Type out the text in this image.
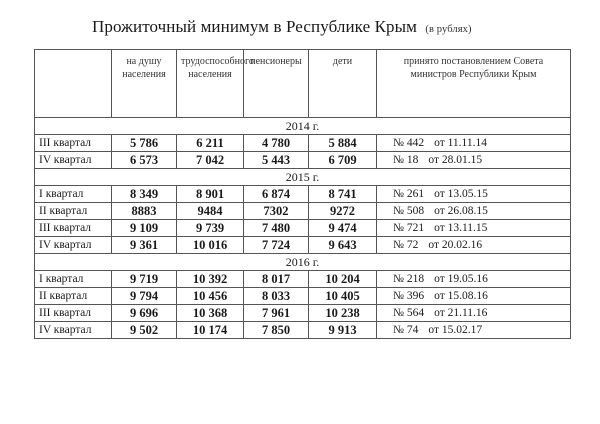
Прожиточный минимум в Республике Крым (в рублях)
	на душу населения	трудоспособного населения	пенсионеры	дети	принято постановлением Совета министров Республики Крым
2014 г.					
III квартал	5 786	6 211	4 780	5 884	№ 442 от 11.11.14
IV квартал	6 573	7 042	5 443	6 709	№ 18 от 28.01.15
2015 г.					
I квартал	8 349	8 901	6 874	8 741	№ 261 от 13.05.15
II квартал	8883	9484	7302	9272	№ 508 от 26.08.15
III квартал	9 109	9 739	7 480	9 474	№ 721 от 13.11.15
IV квартал	9 361	10 016	7 724	9 643	№ 72 от 20.02.16
2016 г.					
I квартал	9 719	10 392	8 017	10 204	№ 218 от 19.05.16
II квартал	9 794	10 456	8 033	10 405	№ 396 от 15.08.16
III квартал	9 696	10 368	7 961	10 238	№ 564 от 21.11.16
IV квартал	9 502	10 174	7 850	9 913	№ 74 от 15.02.17
